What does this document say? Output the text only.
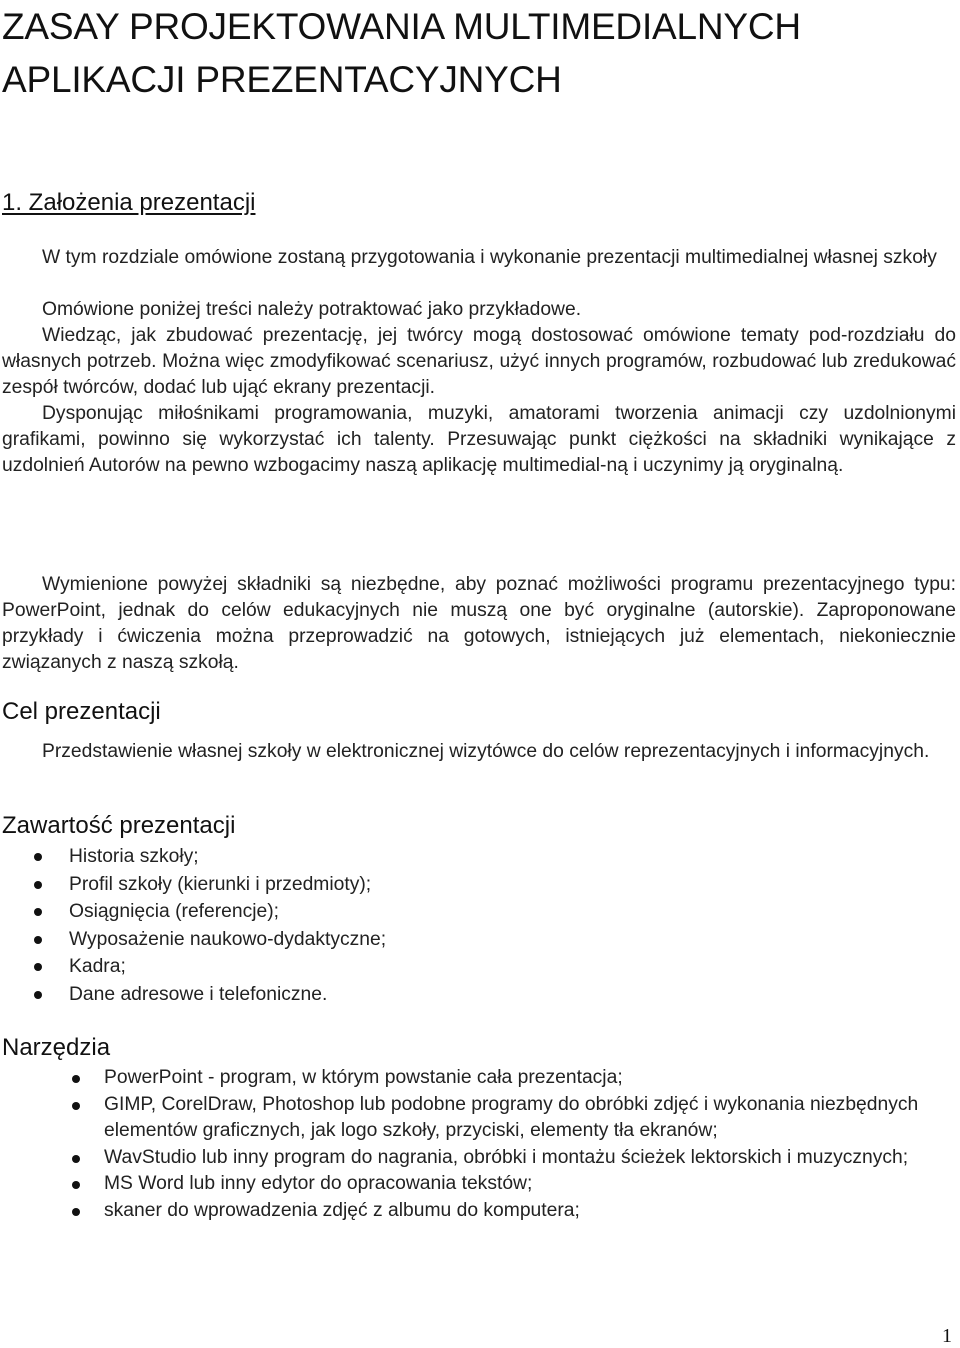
ZASAY PROJEKTOWANIA MULTIMEDIALNYCH
APLIKACJI PREZENTACYJNYCH
1. Założenia prezentacji

W tym rozdziale omówione zostaną przygotowania i wykonanie prezentacji multimedialnej własnej szkoły

Omówione poniżej treści należy potraktować jako przykładowe.

Wiedząc, jak zbudować prezentację, jej twórcy mogą dostosować omówione tematy pod-rozdziału do własnych potrzeb. Można więc zmodyfikować scenariusz, użyć innych programów, rozbudować lub zredukować zespół twórców, dodać lub ująć ekrany prezentacji.

Dysponując miłośnikami programowania, muzyki, amatorami tworzenia animacji czy uzdolnionymi grafikami, powinno się wykorzystać ich talenty. Przesuwając punkt ciężkości na składniki wynikające z uzdolnień Autorów na pewno wzbogacimy naszą aplikację multimedial-ną i uczynimy ją oryginalną.

Wymienione powyżej składniki są niezbędne, aby poznać możliwości programu prezentacyjnego typu: PowerPoint, jednak do celów edukacyjnych nie muszą one być oryginalne (autorskie). Zaproponowane przykłady i ćwiczenia można przeprowadzić na gotowych, istniejących już elementach, niekoniecznie związanych z naszą szkołą.

Cel prezentacji

Przedstawienie własnej szkoły w elektronicznej wizytówce do celów reprezentacyjnych i informacyjnych.

Zawartość prezentacji
Historia szkoły;
Profil szkoły (kierunki i przedmioty);
Osiągnięcia (referencje);
Wyposażenie naukowo-dydaktyczne;
Kadra;
Dane adresowe i telefoniczne.
Narzędzia
PowerPoint - program, w którym powstanie cała prezentacja;
GIMP, CorelDraw, Photoshop lub podobne programy do obróbki zdjęć i wykonania niezbędnych elementów graficznych, jak logo szkoły, przyciski, elementy tła ekranów;
WavStudio lub inny program do nagrania, obróbki i montażu ścieżek lektorskich i muzycznych;
MS Word lub inny edytor do opracowania tekstów;
skaner do wprowadzenia zdjęć z albumu do komputera;
1
